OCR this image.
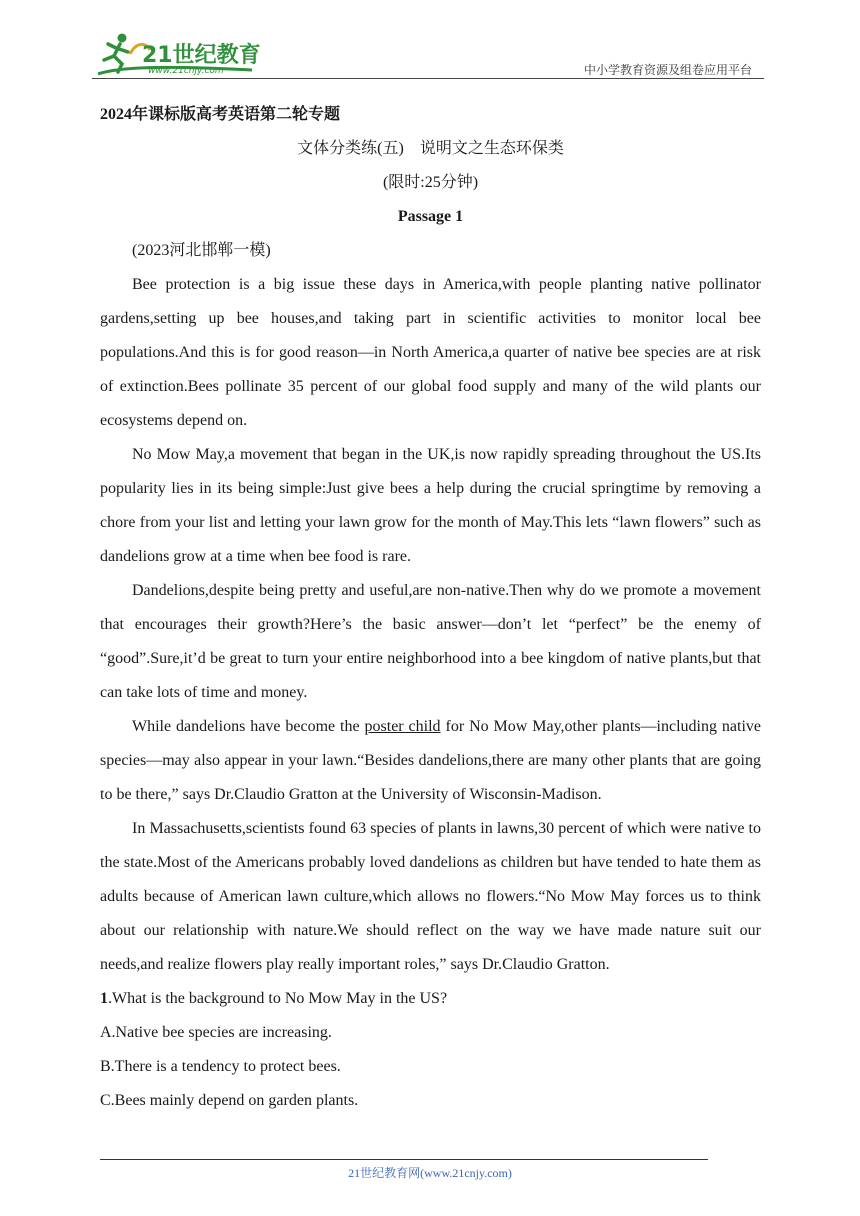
21世纪教育
www.21cnjy.com	中小学教育资源及组卷应用平台
2024年课标版高考英语第二轮专题
文体分类练(五)　说明文之生态环保类
(限时:25分钟)
Passage 1
(2023河北邯郸一模)

Bee protection is a big issue these days in America,with people planting native pollinator gardens,setting up bee houses,and taking part in scientific activities to monitor local bee populations.And this is for good reason—in North America,a quarter of native bee species are at risk of extinction.Bees pollinate 35 percent of our global food supply and many of the wild plants our ecosystems depend on.

No Mow May,a movement that began in the UK,is now rapidly spreading throughout the US.Its popularity lies in its being simple:Just give bees a help during the crucial springtime by removing a chore from your list and letting your lawn grow for the month of May.This lets “lawn flowers” such as dandelions grow at a time when bee food is rare.

Dandelions,despite being pretty and useful,are non-native.Then why do we promote a movement that encourages their growth?Here’s the basic answer—don’t let “perfect” be the enemy of “good”.Sure,it’d be great to turn your entire neighborhood into a bee kingdom of native plants,but that can take lots of time and money.

While dandelions have become the poster child for No Mow May,other plants—including native species—may also appear in your lawn.“Besides dandelions,there are many other plants that are going to be there,” says Dr.Claudio Gratton at the University of Wisconsin-Madison.

In Massachusetts,scientists found 63 species of plants in lawns,30 percent of which were native to the state.Most of the Americans probably loved dandelions as children but have tended to hate them as adults because of American lawn culture,which allows no flowers.“No Mow May forces us to think about our relationship with nature.We should reflect on the way we have made nature suit our needs,and realize flowers play really important roles,” says Dr.Claudio Gratton.

1.What is the background to No Mow May in the US?
A.Native bee species are increasing.
B.There is a tendency to protect bees.
C.Bees mainly depend on garden plants.
21世纪教育网(www.21cnjy.com)
